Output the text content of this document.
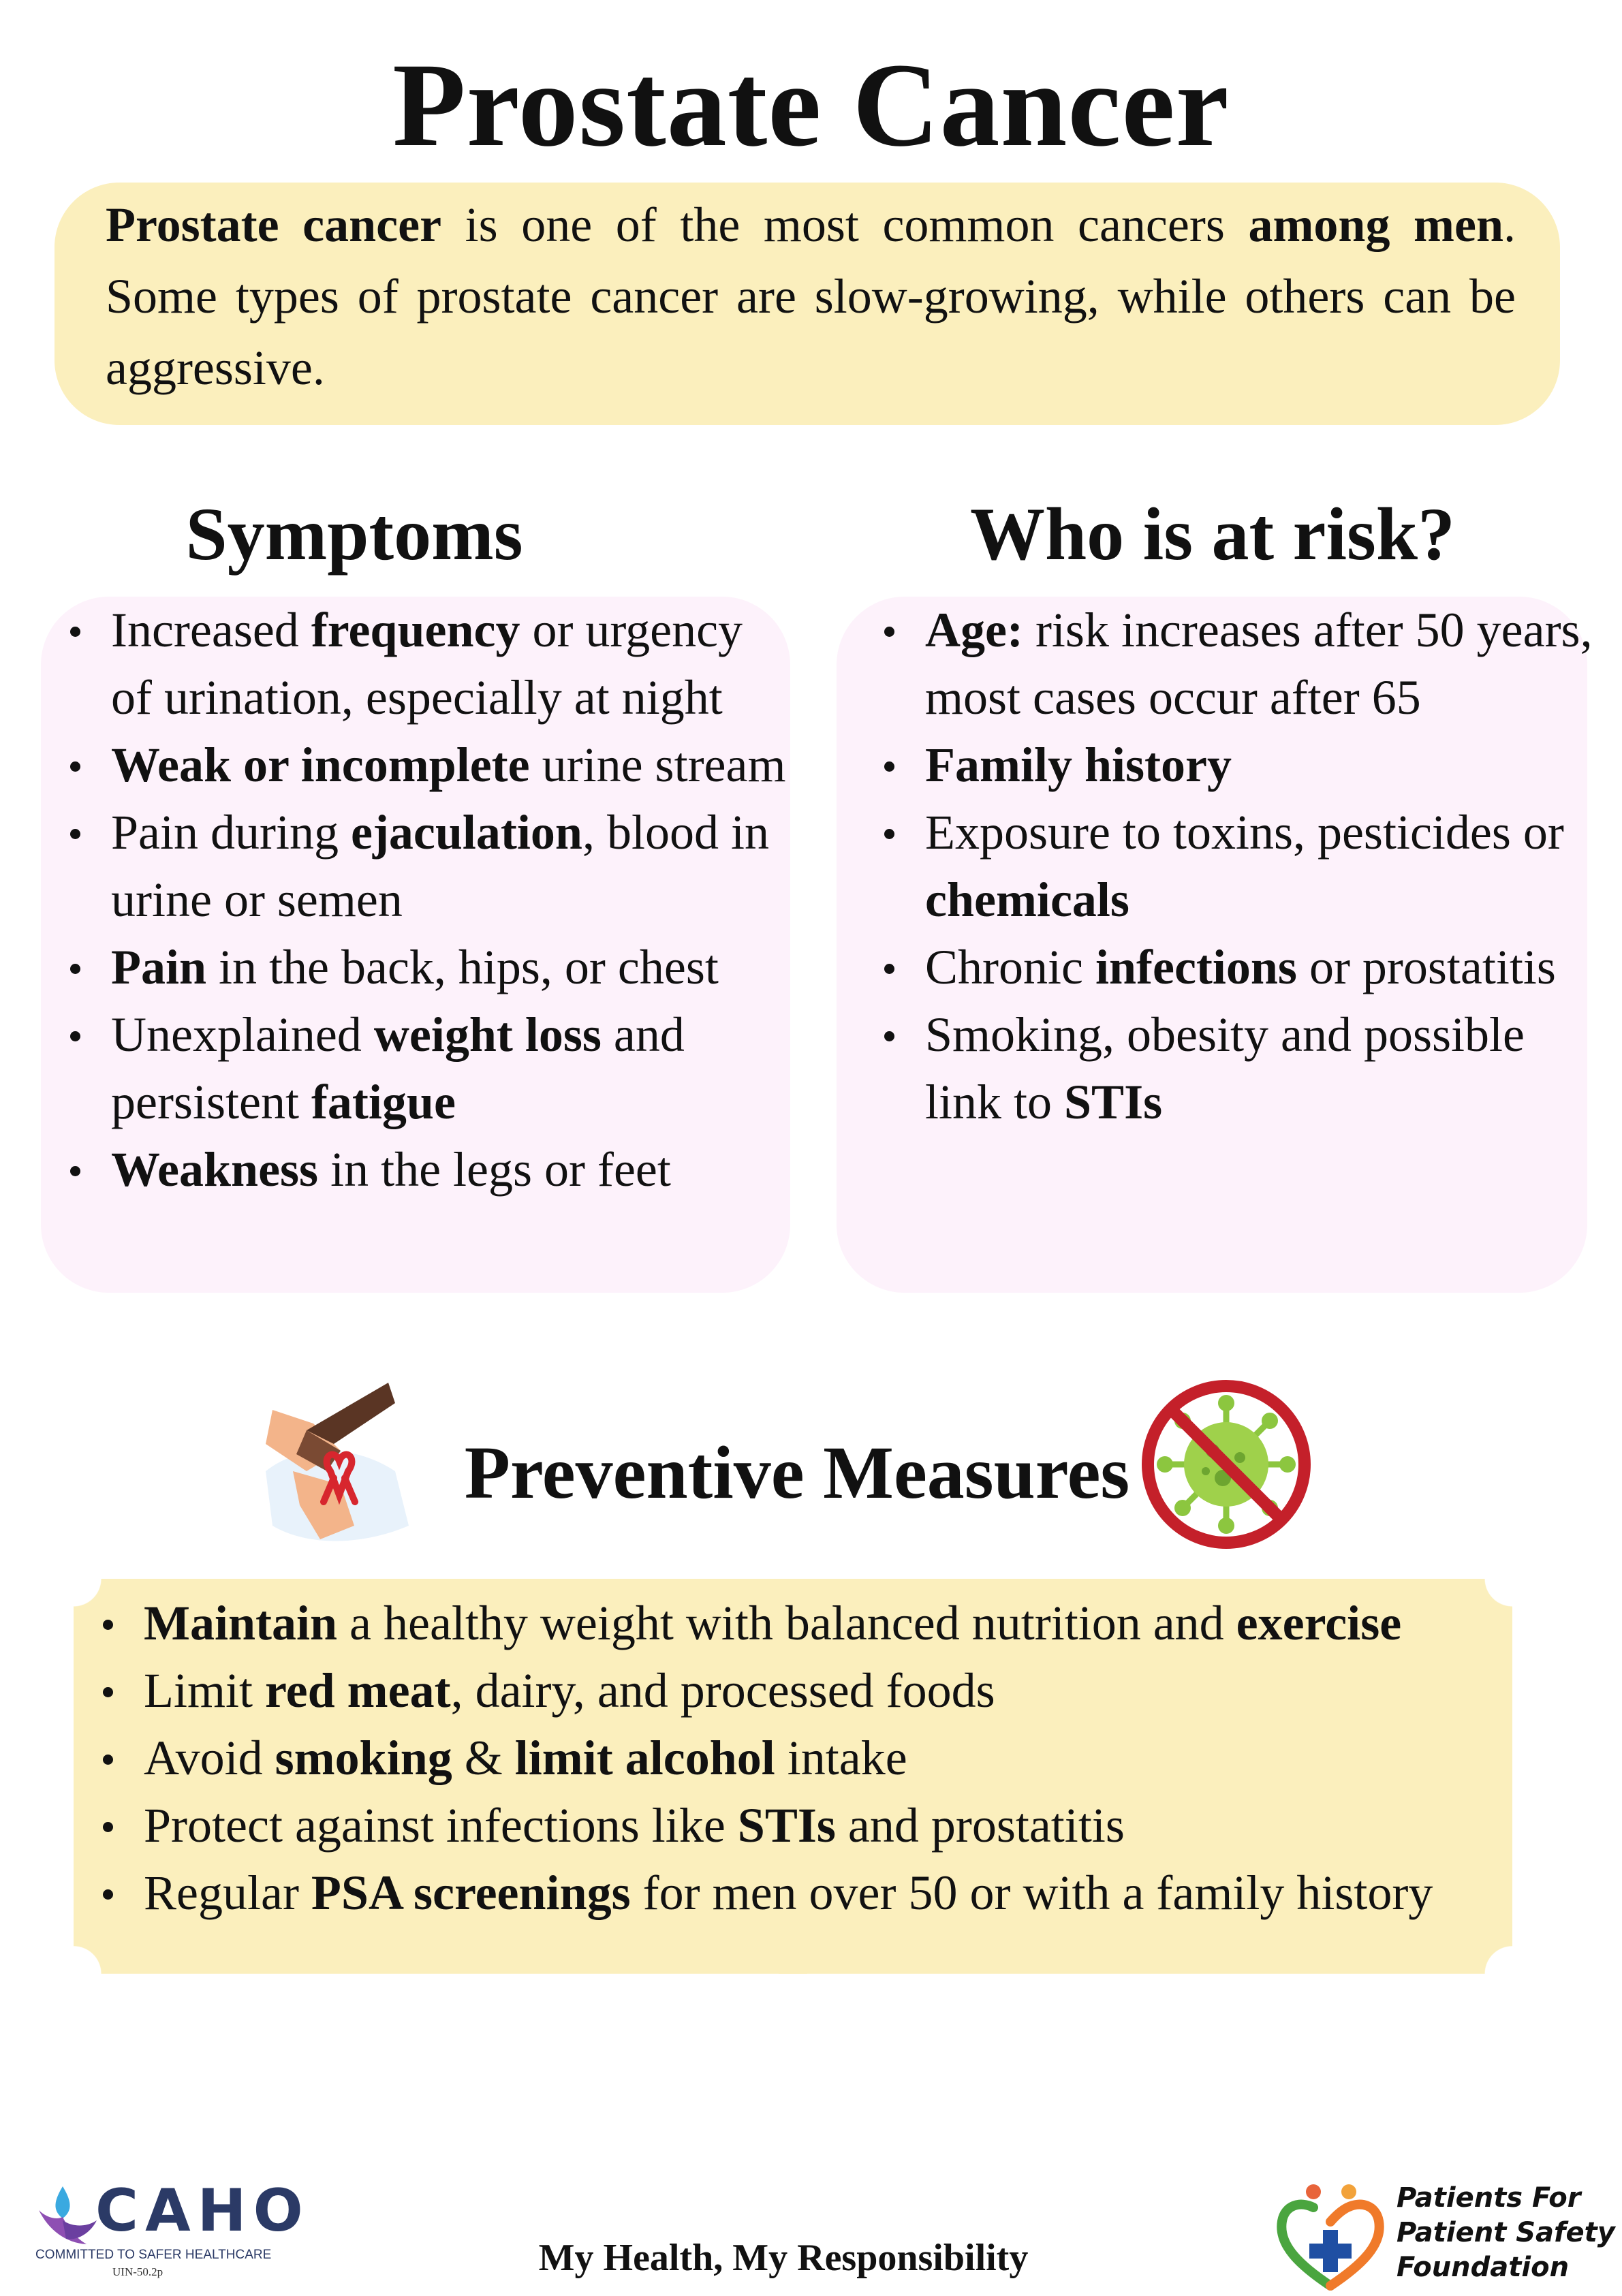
Prostate Cancer
Prostate cancer is one of the most common cancers among men. Some types of prostate cancer are slow-growing, while others can be aggressive.
Symptoms
Increased frequency or urgency of urination, especially at night
Weak or incomplete urine stream
Pain during ejaculation, blood in urine or semen
Pain in the back, hips, or chest
Unexplained weight loss and persistent fatigue
Weakness in the legs or feet
Who is at risk?
Age: risk increases after 50 years, most cases occur after 65
Family history
Exposure to toxins, pesticides or chemicals
Chronic infections or prostatitis
Smoking, obesity and possible link to STIs
Preventive Measures
Maintain a healthy weight with balanced nutrition and exercise
Limit red meat, dairy, and processed foods
Avoid smoking & limit alcohol intake
Protect against infections like STIs and prostatitis
Regular PSA screenings for men over 50 or with a family history
CAHO
COMMITTED TO SAFER HEALTHCARE
UIN-50.2p	My Health, My Responsibility
Patients For
Patient Safety
Foundation
